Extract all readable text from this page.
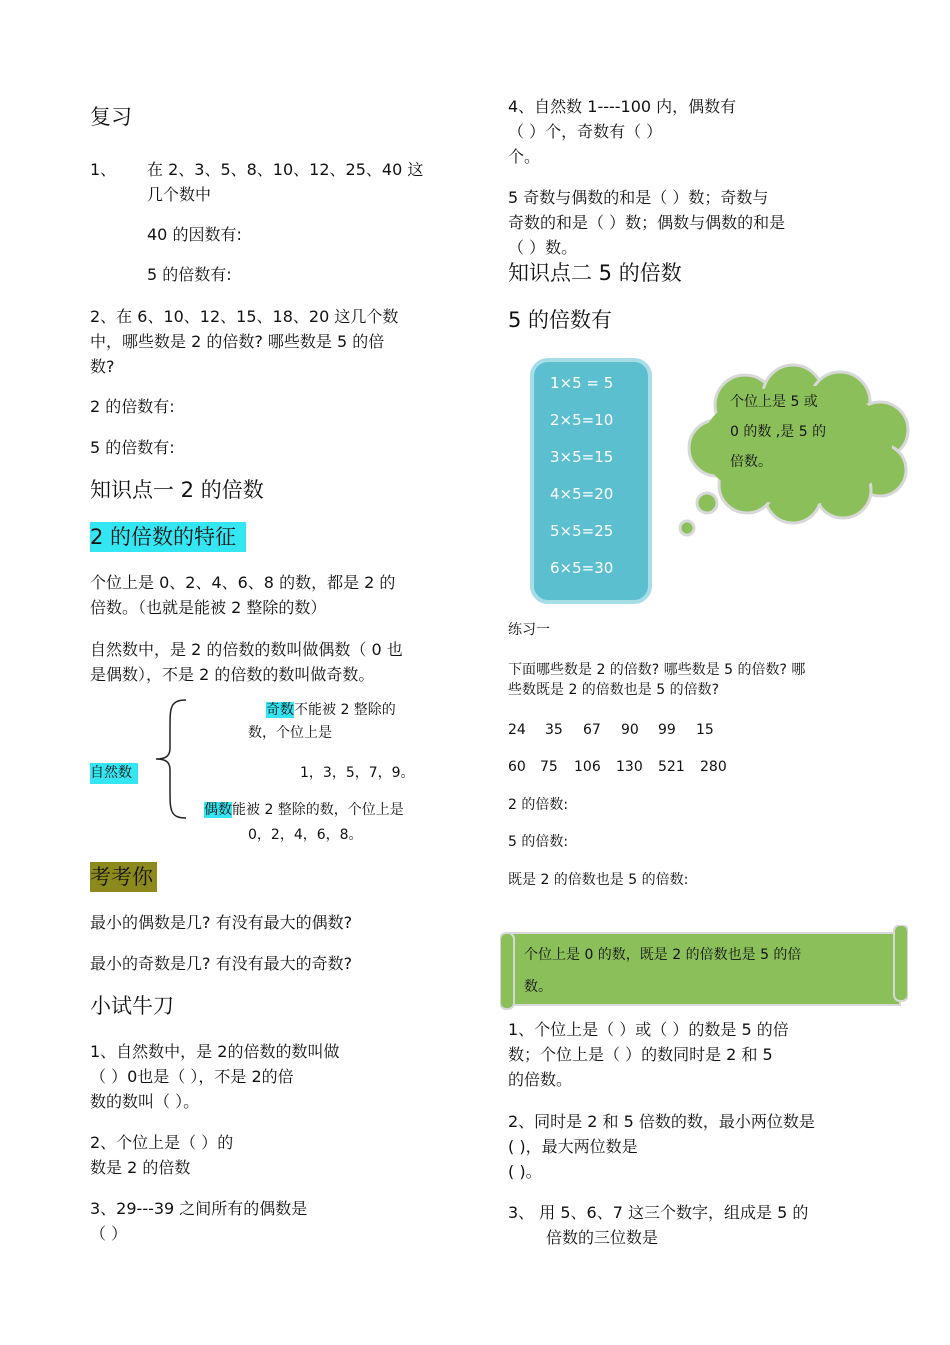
复习
1、 在 2、3、5、8、10、12、25、40 这
几个数中
40 的因数有:
5 的倍数有:
2、在 6、10、12、15、18、20 这几个数
中，哪些数是 2 的倍数? 哪些数是 5 的倍
数?
2 的倍数有:
5 的倍数有:
知识点一 2 的倍数
2 的倍数的特征
个位上是 0、2、4、6、8 的数，都是 2 的
倍数。（也就是能被 2 整除的数）
自然数中，是 2 的倍数的数叫做偶数（ 0 也
是偶数），不是 2 的倍数的数叫做奇数。
奇数不能被 2 整除的
数，个位上是
1，3，5，7，9。
自然数
偶数能被 2 整除的数，个位上是
0，2，4，6，8。
考考你
最小的偶数是几? 有没有最大的偶数?
最小的奇数是几? 有没有最大的奇数?
小试牛刀
1、自然数中，是 2的倍数的数叫做
（ ）0也是（ ），不是 2的倍
数的数叫（ ）。
2、个位上是（ ）的
数是 2 的倍数
3、29---39 之间所有的偶数是
（ ）
4、自然数 1----100 内，偶数有
（ ）个，奇数有（ ）
个。
5 奇数与偶数的和是（ ）数；奇数与
奇数的和是（ ）数；偶数与偶数的和是
（ ）数。
知识点二 5 的倍数
5 的倍数有
1×5 = 5
2×5=10
3×5=15
4×5=20
5×5=25
6×5=30
个位上是 5 或
0 的数 ,是 5 的
倍数。
练习一
下面哪些数是 2 的倍数? 哪些数是 5 的倍数? 哪
些数既是 2 的倍数也是 5 的倍数?
24 35 67 90 99 15
60 75 106 130 521 280
2 的倍数:
5 的倍数:
既是 2 的倍数也是 5 的倍数:
个位上是 0 的数，既是 2 的倍数也是 5 的倍
数。
1、个位上是（ ）或（ ）的数是 5 的倍
数；个位上是（ ）的数同时是 2 和 5
的倍数。
2、同时是 2 和 5 倍数的数，最小两位数是
( )，最大两位数是
( )。
3、 用 5、6、7 这三个数字，组成是 5 的
倍数的三位数是
